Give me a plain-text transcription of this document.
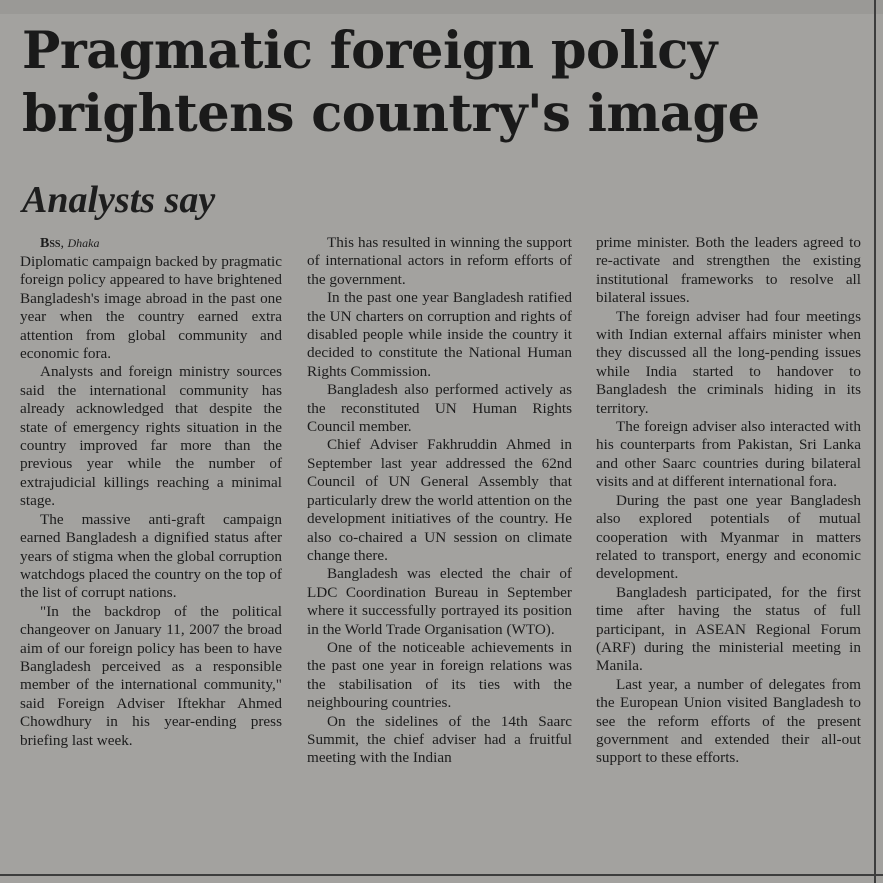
Pragmatic foreign policy
brightens country's image
Analysts say

Bss, Dhaka

Diplomatic campaign backed by pragmatic foreign policy appeared to have brightened Bangladesh's image abroad in the past one year when the country earned extra attention from global community and economic fora.

Analysts and foreign ministry sources said the international community has already acknowledged that despite the state of emergency rights situation in the country improved far more than the previous year while the number of extrajudicial killings reaching a minimal stage.

The massive anti-graft campaign earned Bangladesh a dignified status after years of stigma when the global corruption watchdogs placed the country on the top of the list of corrupt nations.

"In the backdrop of the political changeover on January 11, 2007 the broad aim of our foreign policy has been to have Bangladesh perceived as a responsible member of the international community," said Foreign Adviser Iftekhar Ahmed Chowdhury in his year-ending press briefing last week.

This has resulted in winning the support of international actors in reform efforts of the government.

In the past one year Bangladesh ratified the UN charters on corruption and rights of disabled people while inside the country it decided to constitute the National Human Rights Commission.

Bangladesh also performed actively as the reconstituted UN Human Rights Council member.

Chief Adviser Fakhruddin Ahmed in September last year addressed the 62nd Council of UN General Assembly that particularly drew the world attention on the development initiatives of the country. He also co-chaired a UN session on climate change there.

Bangladesh was elected the chair of LDC Coordination Bureau in September where it successfully portrayed its position in the World Trade Organisation (WTO).

One of the noticeable achievements in the past one year in foreign relations was the stabilisation of its ties with the neighbouring countries.

On the sidelines of the 14th Saarc Summit, the chief adviser had a fruitful meeting with the Indian

prime minister. Both the leaders agreed to re-activate and strengthen the existing institutional frameworks to resolve all bilateral issues.

The foreign adviser had four meetings with Indian external affairs minister when they discussed all the long-pending issues while India started to handover to Bangladesh the criminals hiding in its territory.

The foreign adviser also interacted with his counterparts from Pakistan, Sri Lanka and other Saarc countries during bilateral visits and at different international fora.

During the past one year Bangladesh also explored potentials of mutual cooperation with Myanmar in matters related to transport, energy and economic development.

Bangladesh participated, for the first time after having the status of full participant, in ASEAN Regional Forum (ARF) during the ministerial meeting in Manila.

Last year, a number of delegates from the European Union visited Bangladesh to see the reform efforts of the present government and extended their all-out support to these efforts.
